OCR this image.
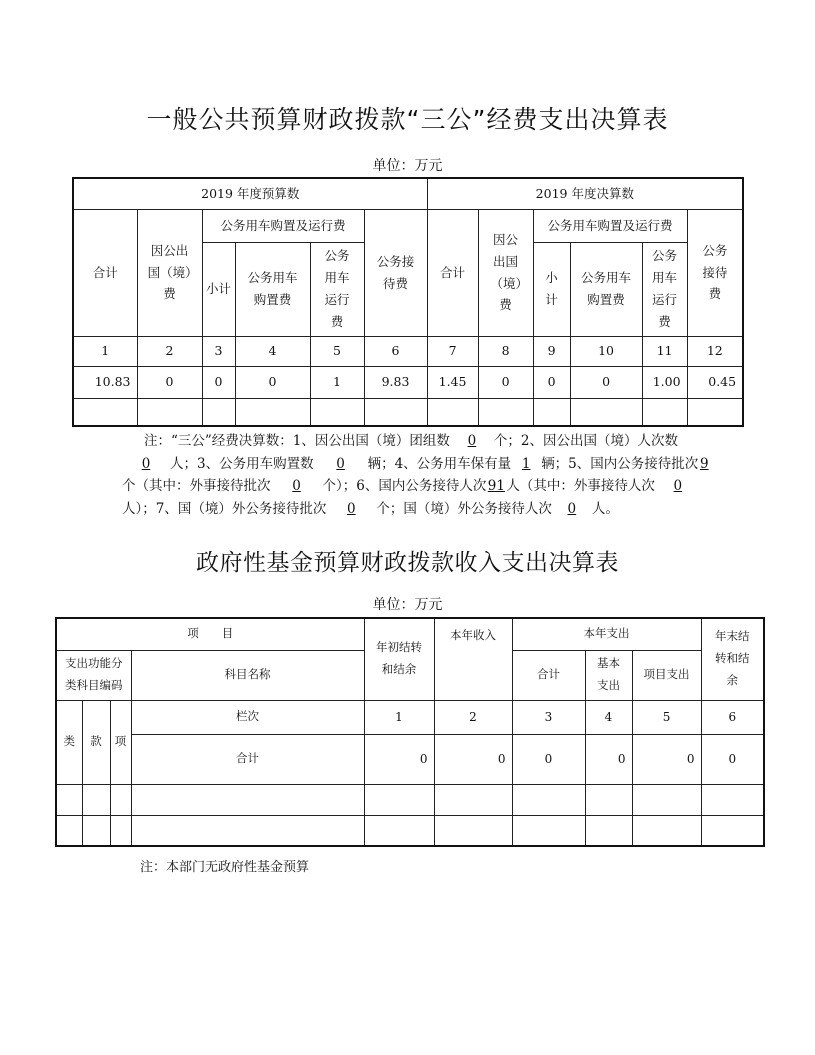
一般公共预算财政拨款“三公”经费支出决算表
单位：万元
2019 年度预算数						2019 年度决算数					
合计	因公出国（境）费	公务用车购置及运行费			公务接待费	合计	因公出国（境）费	公务用车购置及运行费			公务接待费
		小计	公务用车购置费	公务用车运行费				小计	公务用车购置费	公务用车运行费	
1	2	3	4	5	6	7	8	9	10	11	12
10.83	0	0	0	1	9.83	1.45	0	0	0	1.00	0.45

注：“三公”经费决算数：1、因公出国（境）团组数 0 个；2、因公出国（境）人次数0 人；3、公务用车购置数 0 辆；4、公务用车保有量 1 辆；5、国内公务接待批次 9个（其中：外事接待批次 0 个）；6、国内公务接待人次91人（其中：外事接待人次 0人）；7、国（境）外公务接待批次 0 个；国（境）外公务接待人次 0 人。
政府性基金预算财政拨款收入支出决算表
单位：万元
项　　目				年初结转和结余	本年收入	本年支出			年末结转和结余
支出功能分类科目编码			科目名称			合计	基本支出	项目支出	
类	款	项	栏次	1	2	3	4	5	6
			合计	0	0	0	0	0	0

注：本部门无政府性基金预算
